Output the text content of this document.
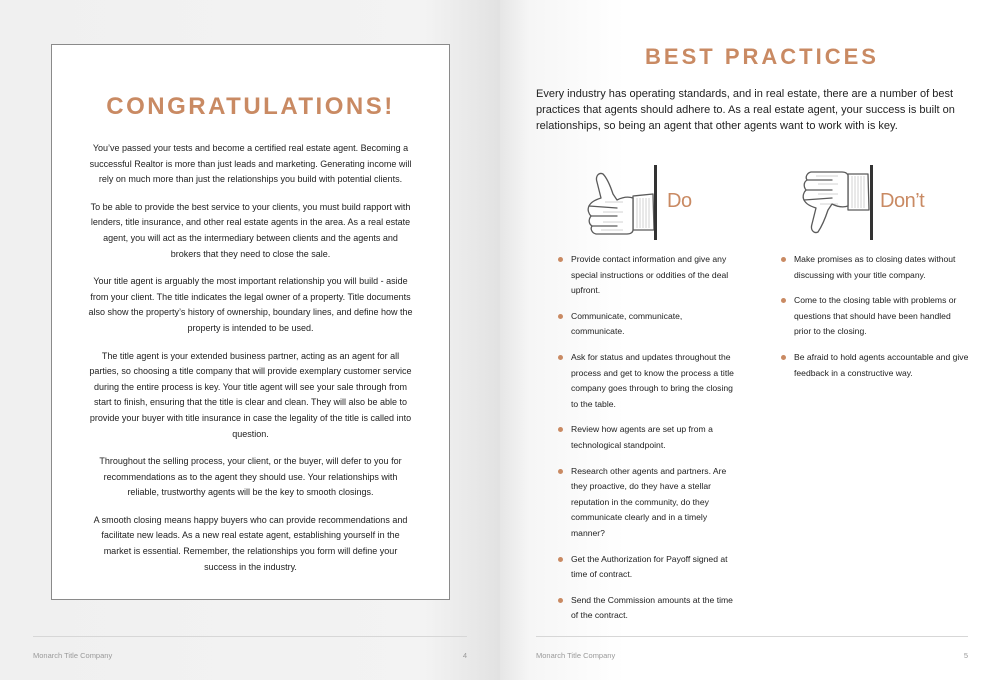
CONGRATULATIONS!

You’ve passed your tests and become a certified real estate agent. Becoming a successful Realtor is more than just leads and marketing. Generating income will rely on much more than just the relationships you build with potential clients.

To be able to provide the best service to your clients, you must build rapport with lenders, title insurance, and other real estate agents in the area. As a real estate agent, you will act as the intermediary between clients and the agents and brokers that they need to close the sale.

Your title agent is arguably the most important relationship you will build - aside from your client. The title indicates the legal owner of a property. Title documents also show the property’s history of ownership, boundary lines, and define how the property is intended to be used.

The title agent is your extended business partner, acting as an agent for all parties, so choosing a title company that will provide exemplary customer service during the entire process is key. Your title agent will see your sale through from start to finish, ensuring that the title is clear and clean. They will also be able to provide your buyer with title insurance in case the legality of the title is called into question.

Throughout the selling process, your client, or the buyer, will defer to you for recommendations as to the agent they should use. Your relationships with reliable, trustworthy agents will be the key to smooth closings.

A smooth closing means happy buyers who can provide recommendations and facilitate new leads. As a new real estate agent, establishing yourself in the market is essential. Remember, the relationships you form will define your success in the industry.

Monarch Title Company	4
BEST PRACTICES
Every industry has operating standards, and in real estate, there are a number of best practices that agents should adhere to. As a real estate agent, your success is built on relationships, so being an agent that other agents want to work with is key.
Do	Don’t
Provide contact information and give any special instructions or oddities of the deal upfront.
Communicate, communicate, communicate.
Ask for status and updates throughout the process and get to know the process a title company goes through to bring the closing to the table.
Review how agents are set up from a technological standpoint.
Research other agents and partners. Are they proactive, do they have a stellar reputation in the community, do they communicate clearly and in a timely manner?
Get the Authorization for Payoff signed at time of contract.
Send the Commission amounts at the time of the contract.
Make promises as to closing dates without discussing with your title company.
Come to the closing table with problems or questions that should have been handled prior to the closing.
Be afraid to hold agents accountable and give feedback in a constructive way.
Monarch Title Company	5
